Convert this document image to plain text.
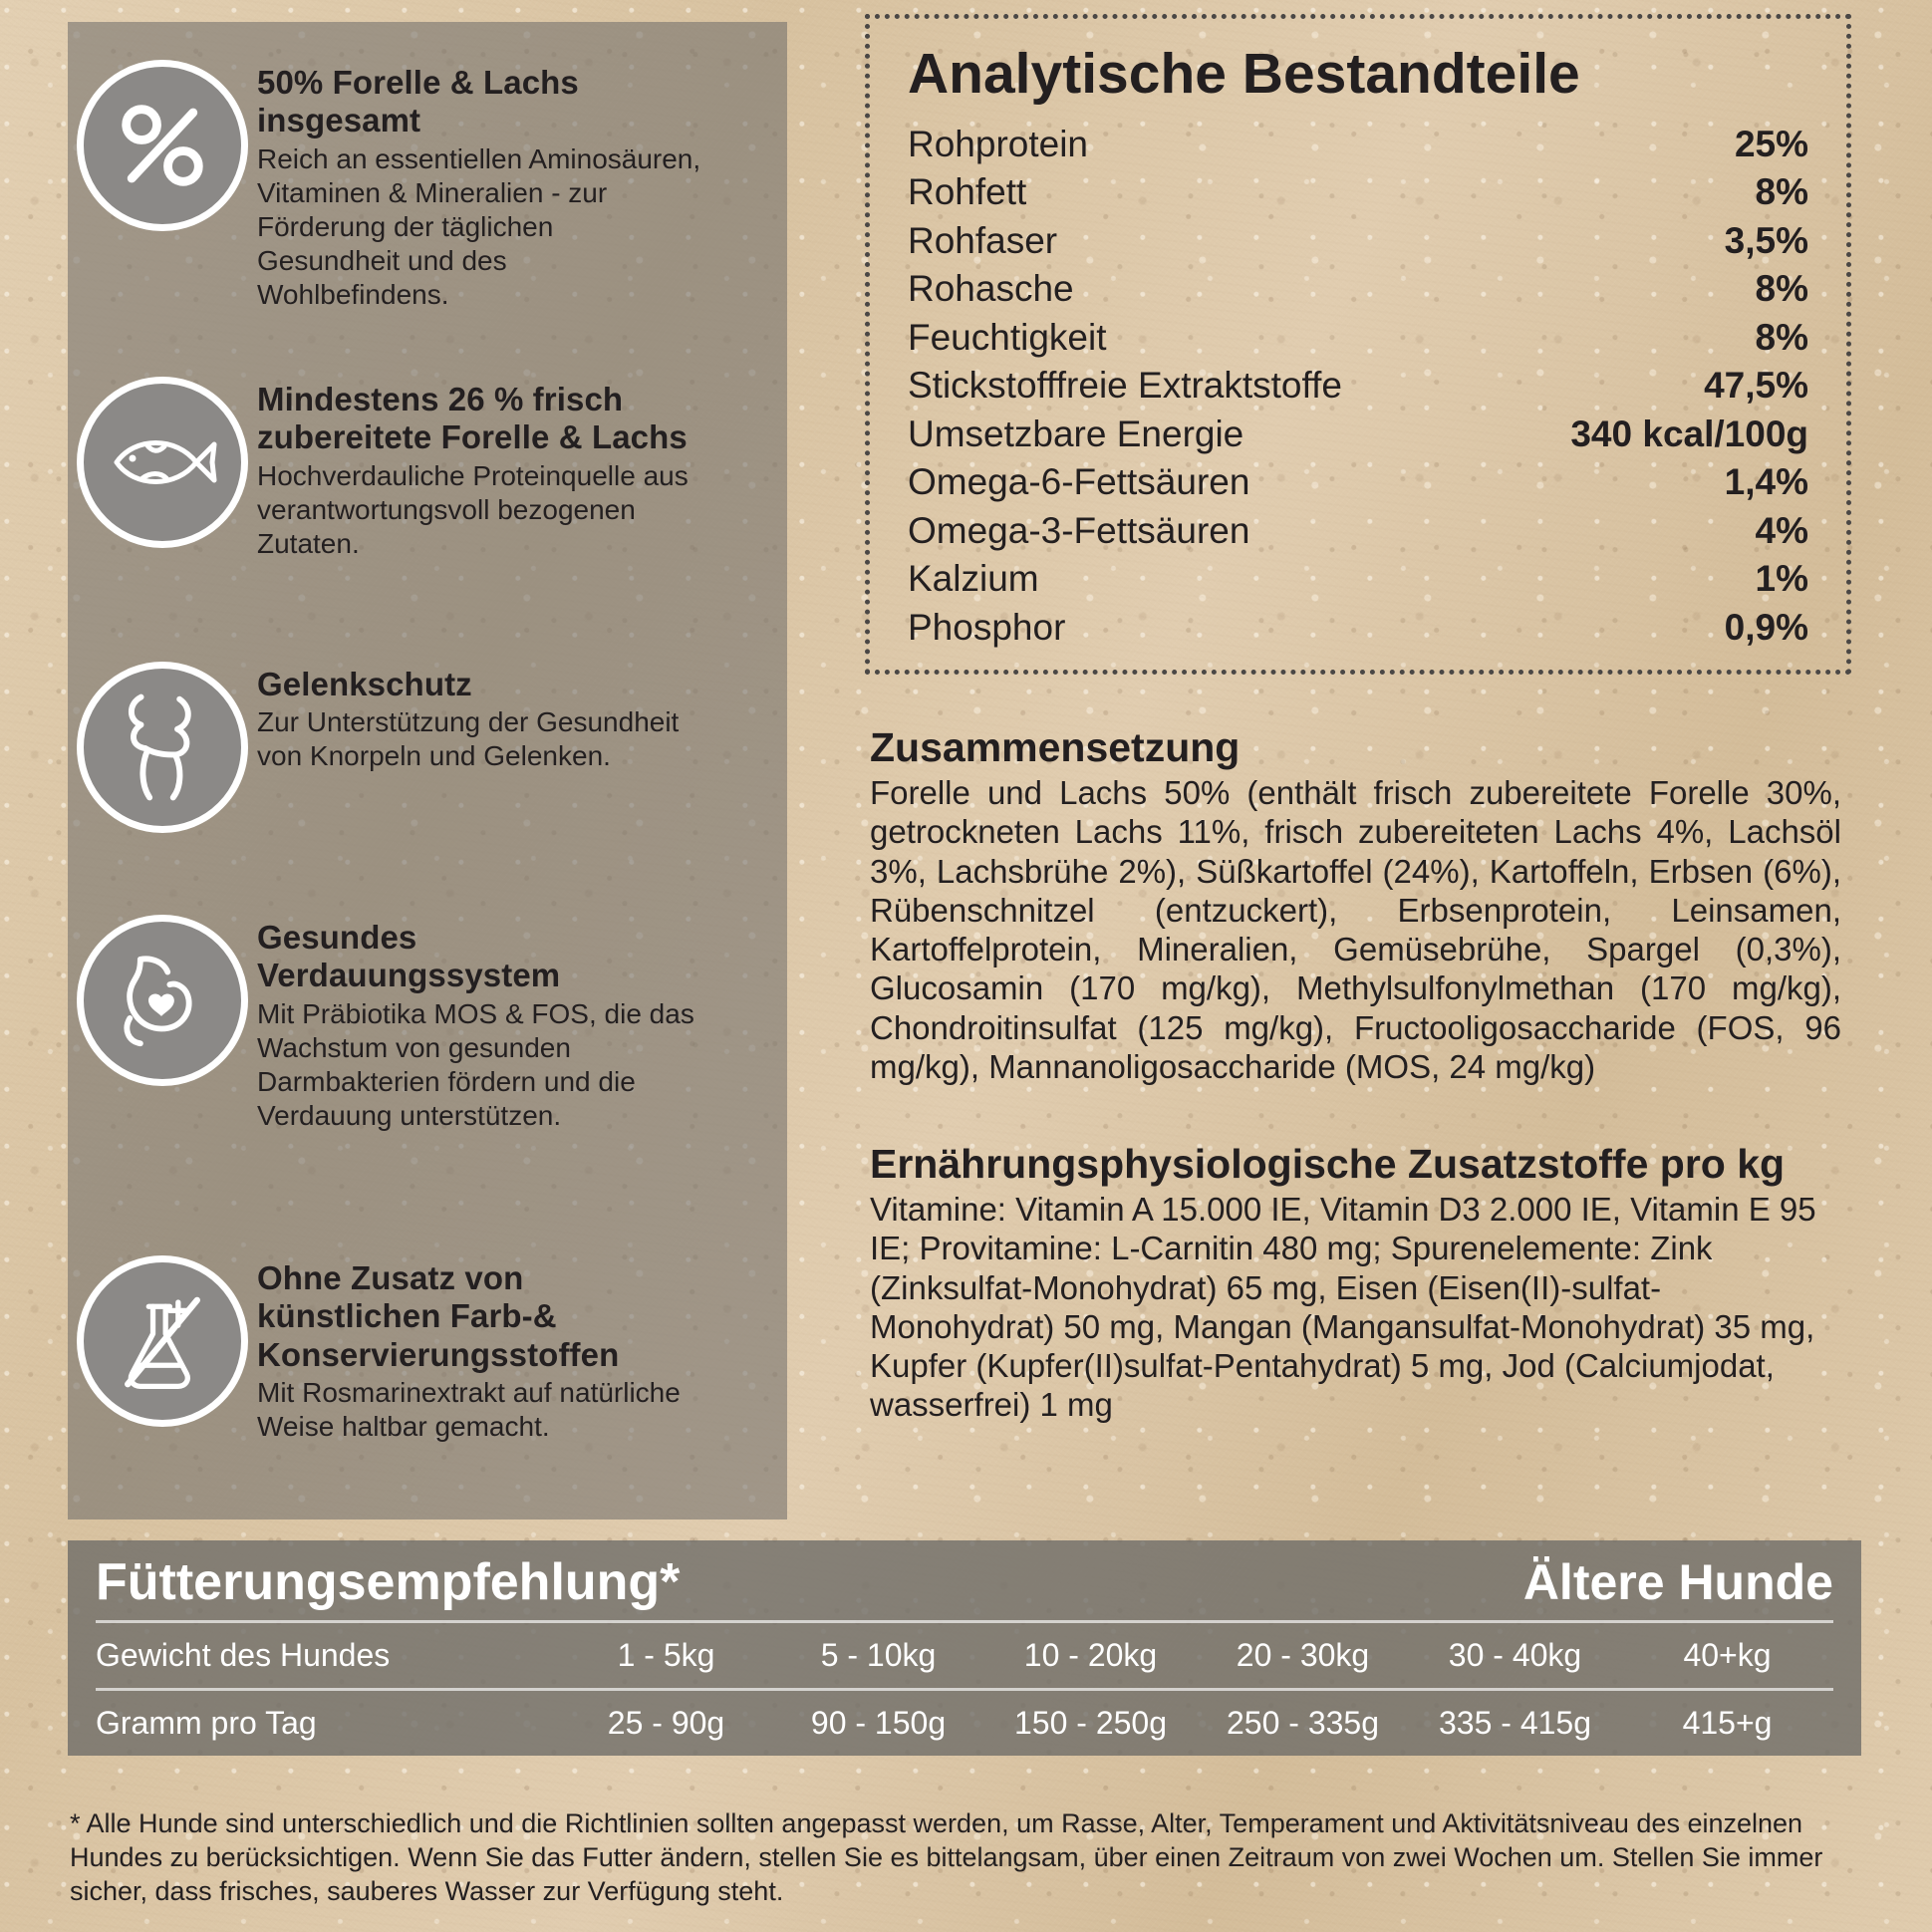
50% Forelle & Lachs insgesamt

Reich an essentiellen Aminosäuren, Vitaminen & Mineralien - zur Förderung der täglichen Gesundheit und des Wohlbefindens.

Mindestens 26 % frisch zubereitete Forelle & Lachs

Hochverdauliche Proteinquelle aus verantwortungsvoll bezogenen Zutaten.

Gelenkschutz

Zur Unterstützung der Gesundheit von Knorpeln und Gelenken.

Gesundes Verdauungssystem

Mit Präbiotika MOS & FOS, die das Wachstum von gesunden Darmbakterien fördern und die Verdauung unterstützen.

Ohne Zusatz von künstlichen Farb-& Konservierungsstoffen

Mit Rosmarinextrakt auf natürliche Weise haltbar gemacht.

Analytische Bestandteile
Rohprotein	25%
Rohfett	8%
Rohfaser	3,5%
Rohasche	8%
Feuchtigkeit	8%
Stickstofffreie Extraktstoffe	47,5%
Umsetzbare Energie	340 kcal/100g
Omega-6-Fettsäuren	1,4%
Omega-3-Fettsäuren	4%
Kalzium	1%
Phosphor	0,9%

Zusammensetzung

Forelle und Lachs 50% (enthält frisch zubereitete Forelle 30%, getrockneten Lachs 11%, frisch zubereiteten Lachs 4%, Lachsöl 3%, Lachsbrühe 2%), Süßkartoffel (24%), Kartoffeln, Erbsen (6%), Rübenschnitzel (entzuckert), Erbsenprotein, Leinsamen, Kartoffelprotein, Mineralien, Gemüsebrühe, Spargel (0,3%), Glucosamin (170 mg/kg), Methylsulfonylmethan (170 mg/kg), Chondroitinsulfat (125 mg/kg), Fructooligosaccharide (FOS, 96 mg/kg), Mannanoligosaccharide (MOS, 24 mg/kg)

Ernährungsphysiologische Zusatzstoffe pro kg

Vitamine: Vitamin A 15.000 IE, Vitamin D3 2.000 IE, Vitamin E 95 IE; Provitamine: L-Carnitin 480 mg; Spurenelemente: Zink (Zinksulfat-Monohydrat) 65 mg, Eisen (Eisen(II)-sulfat-Monohydrat) 50 mg, Mangan (Mangansulfat-Monohydrat) 35 mg, Kupfer (Kupfer(II)sulfat-Pentahydrat) 5 mg, Jod (Calciumjodat, wasserfrei) 1 mg

Fütterungsempfehlung*	Ältere Hunde
Gewicht des Hundes	1 - 5kg	5 - 10kg	10 - 20kg	20 - 30kg	30 - 40kg	40+kg
Gramm pro Tag	25 - 90g	90 - 150g	150 - 250g	250 - 335g	335 - 415g	415+g
* Alle Hunde sind unterschiedlich und die Richtlinien sollten angepasst werden, um Rasse, Alter, Temperament und Aktivitätsniveau des einzelnen Hundes zu berücksichtigen. Wenn Sie das Futter ändern, stellen Sie es bittelangsam, über einen Zeitraum von zwei Wochen um. Stellen Sie immer sicher, dass frisches, sauberes Wasser zur Verfügung steht.
